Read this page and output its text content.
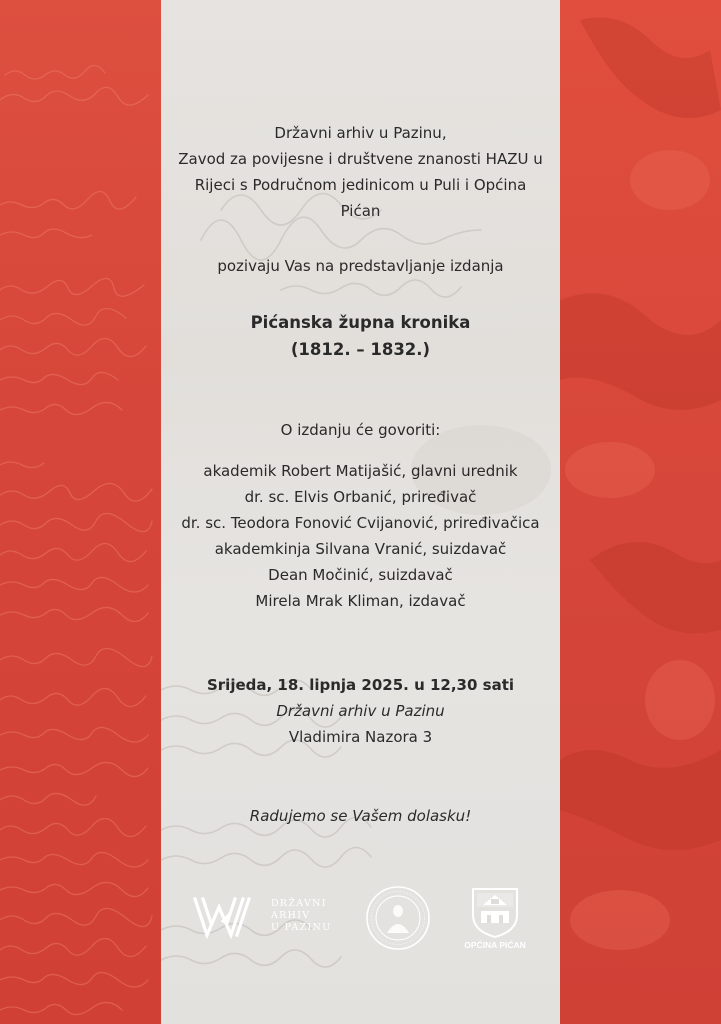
Državni arhiv u Pazinu,
Zavod za povijesne i društvene znanosti HAZU u
Rijeci s Područnom jedinicom u Puli i Općina
Pićan
pozivaju Vas na predstavljanje izdanja
Pićanska župna kronika
(1812. – 1832.)
O izdanju će govoriti:
akademik Robert Matijašić, glavni urednik
dr. sc. Elvis Orbanić, priređivač
dr. sc. Teodora Fonović Cvijanović, priređivačica
akademkinja Silvana Vranić, suizdavač
Dean Močinić, suizdavač
Mirela Mrak Kliman, izdavač
Srijeda, 18. lipnja 2025. u 12,30 sati
Državni arhiv u Pazinu
Vladimira Nazora 3
Radujemo se Vašem dolasku!
DRŽAVNI
ARHIV
U PAZINU
OPĆINA PIĆAN
